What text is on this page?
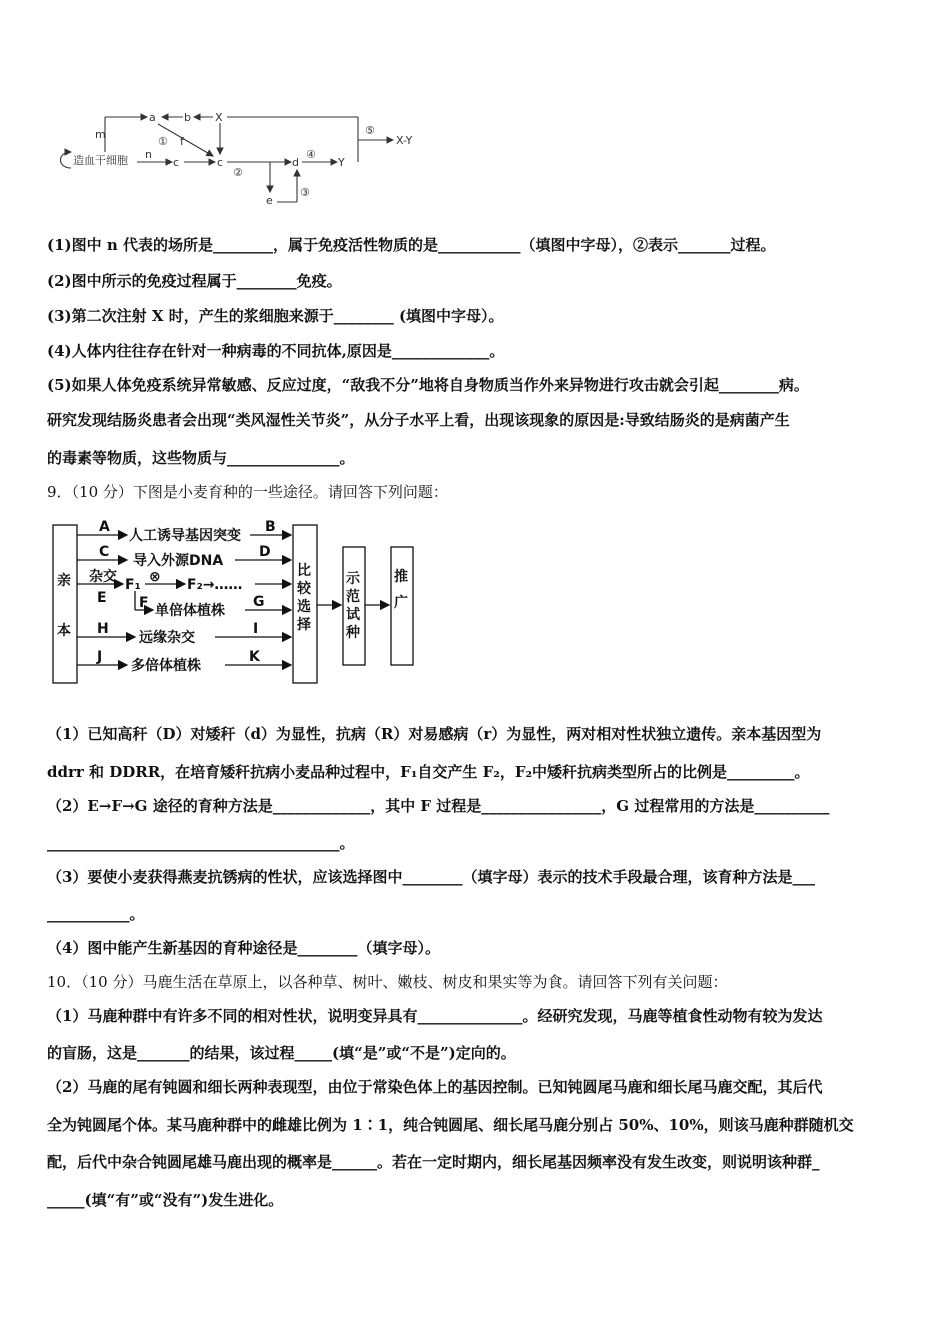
造血干细胞
a	b X
m
① f
n
c	c
②
d
④
Y
⑤
X-Y
e
③
(1)图中 n 代表的场所是________，属于免疫活性物质的是___________（填图中字母），②表示_______过程。
(2)图中所示的免疫过程属于________免疫。
(3)第二次注射 X 时，产生的浆细胞来源于________ (填图中字母）。
(4)人体内往往存在针对一种病毒的不同抗体,原因是_____________。
(5)如果人体免疫系统异常敏感、反应过度，“敌我不分”地将自身物质当作外来异物进行攻击就会引起________病。
研究发现结肠炎患者会出现“类风湿性关节炎”，从分子水平上看，出现该现象的原因是:导致结肠炎的是病菌产生
的毒素等物质，这些物质与_______________。
9．（10 分）下图是小麦育种的一些途径。请回答下列问题：
亲
本
A
人工诱导基因突变
B
C
导入外源DNA
D
杂交 F₁ ⊗ F₂→……
E F 单倍体植株
G
H
远缘杂交
I
J
多倍体植株
K
比
较
选
择
示
范
试
种
推
广
（1）已知高秆（D）对矮秆（d）为显性，抗病（R）对易感病（r）为显性，两对相对性状独立遗传。亲本基因型为
ddrr 和 DDRR，在培育矮秆抗病小麦品种过程中，F₁自交产生 F₂，F₂中矮秆抗病类型所占的比例是_________。
（2）E→F→G 途径的育种方法是_____________，其中 F 过程是________________，G 过程常用的方法是__________
_______________________________________。
（3）要使小麦获得燕麦抗锈病的性状，应该选择图中________（填字母）表示的技术手段最合理，该育种方法是___
___________。
（4）图中能产生新基因的育种途径是________（填字母）。
10．（10 分）马鹿生活在草原上，以各种草、树叶、嫩枝、树皮和果实等为食。请回答下列有关问题：
（1）马鹿种群中有许多不同的相对性状，说明变异具有______________。经研究发现，马鹿等植食性动物有较为发达
的盲肠，这是_______的结果，该过程_____(填“是”或“不是”)定向的。
（2）马鹿的尾有钝圆和细长两种表现型，由位于常染色体上的基因控制。已知钝圆尾马鹿和细长尾马鹿交配，其后代
全为钝圆尾个体。某马鹿种群中的雌雄比例为 1∶1，纯合钝圆尾、细长尾马鹿分别占 50%、10%，则该马鹿种群随机交
配，后代中杂合钝圆尾雄马鹿出现的概率是______。若在一定时期内，细长尾基因频率没有发生改变，则说明该种群_
_____(填“有”或“没有”)发生进化。
